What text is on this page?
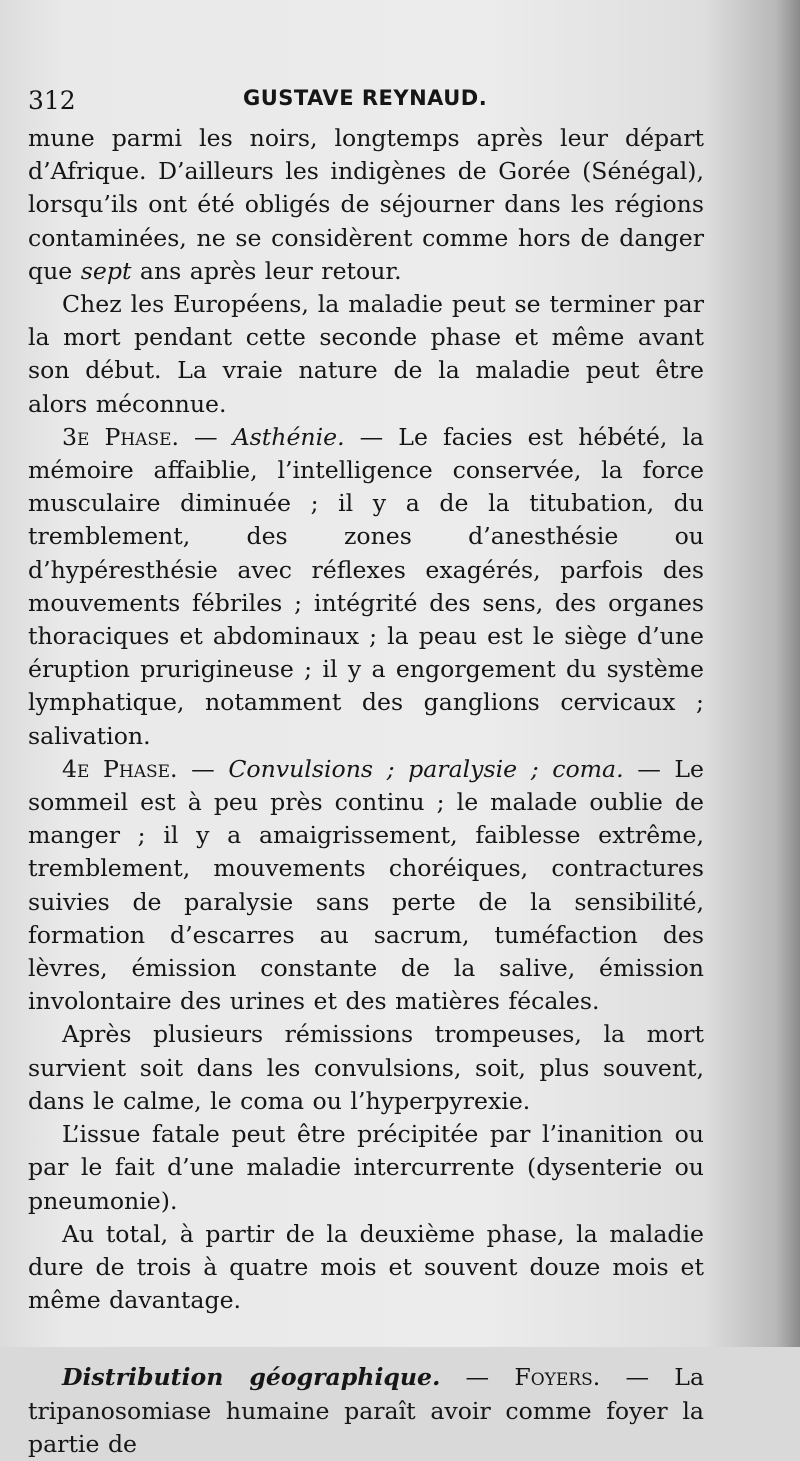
312	GUSTAVE REYNAUD.

mune parmi les noirs, longtemps après leur départ d’Afrique. D’ailleurs les indigènes de Gorée (Sénégal), lorsqu’ils ont été obligés de séjourner dans les régions contaminées, ne se considèrent comme hors de danger que sept ans après leur retour.

Chez les Européens, la maladie peut se terminer par la mort pendant cette seconde phase et même avant son début. La vraie nature de la maladie peut être alors méconnue.

3e Phase. — Asthénie. — Le facies est hébété, la mémoire affaiblie, l’intelligence conservée, la force musculaire diminuée ; il y a de la titubation, du tremblement, des zones d’anesthésie ou d’hypéresthésie avec réflexes exagérés, parfois des mouvements fébriles ; intégrité des sens, des organes thoraciques et abdominaux ; la peau est le siège d’une éruption prurigineuse ; il y a engorgement du système lymphatique, notamment des ganglions cervicaux ; salivation.

4e Phase. — Convulsions ; paralysie ; coma. — Le sommeil est à peu près continu ; le malade oublie de manger ; il y a amaigrissement, faiblesse extrême, tremblement, mouvements choréiques, contractures suivies de paralysie sans perte de la sensibilité, formation d’escarres au sacrum, tuméfaction des lèvres, émission constante de la salive, émission involontaire des urines et des matières fécales.

Après plusieurs rémissions trompeuses, la mort survient soit dans les convulsions, soit, plus souvent, dans le calme, le coma ou l’hyperpyrexie.

L’issue fatale peut être précipitée par l’inanition ou par le fait d’une maladie intercurrente (dysenterie ou pneumonie).

Au total, à partir de la deuxième phase, la maladie dure de trois à quatre mois et souvent douze mois et même davantage.

Distribution géographique. — Foyers. — La tripanosomiase humaine paraît avoir comme foyer la partie de
